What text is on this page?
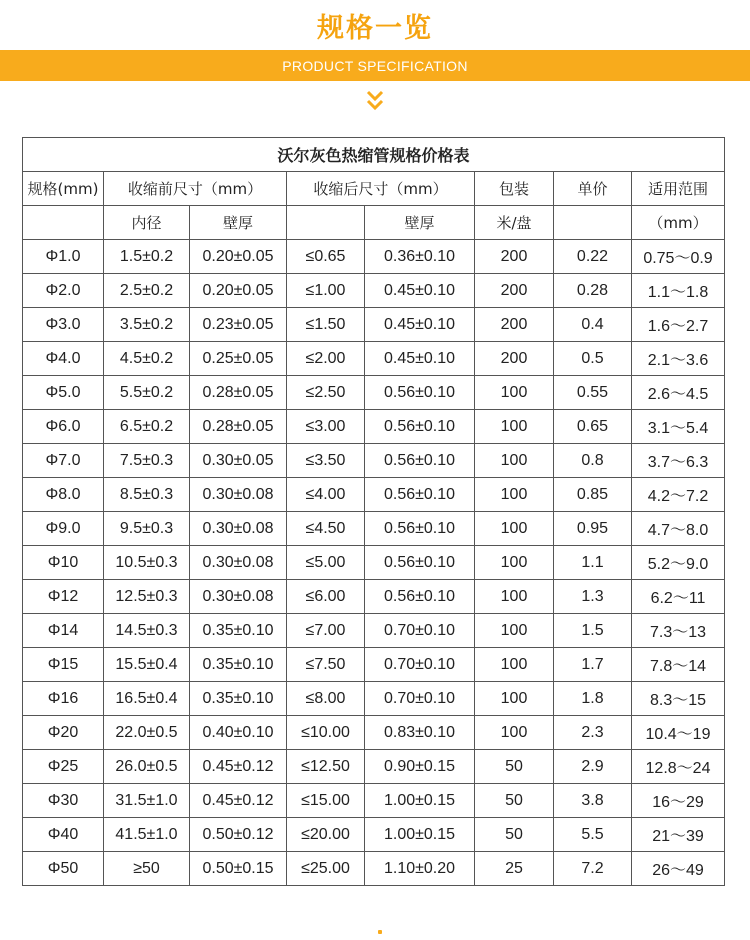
规格一览
PRODUCT SPECIFICATION
沃尔灰色热缩管规格价格表							
规格(mm)	收缩前尺寸（mm）		收缩后尺寸（mm）		包装	单价	适用范围
	内径	壁厚		壁厚	米/盘		（mm）
Φ1.0	1.5±0.2	0.20±0.05	≤0.65	0.36±0.10	200	0.22	0.75～0.9
Φ2.0	2.5±0.2	0.20±0.05	≤1.00	0.45±0.10	200	0.28	1.1～1.8
Φ3.0	3.5±0.2	0.23±0.05	≤1.50	0.45±0.10	200	0.4	1.6～2.7
Φ4.0	4.5±0.2	0.25±0.05	≤2.00	0.45±0.10	200	0.5	2.1～3.6
Φ5.0	5.5±0.2	0.28±0.05	≤2.50	0.56±0.10	100	0.55	2.6～4.5
Φ6.0	6.5±0.2	0.28±0.05	≤3.00	0.56±0.10	100	0.65	3.1～5.4
Φ7.0	7.5±0.3	0.30±0.05	≤3.50	0.56±0.10	100	0.8	3.7～6.3
Φ8.0	8.5±0.3	0.30±0.08	≤4.00	0.56±0.10	100	0.85	4.2～7.2
Φ9.0	9.5±0.3	0.30±0.08	≤4.50	0.56±0.10	100	0.95	4.7～8.0
Φ10	10.5±0.3	0.30±0.08	≤5.00	0.56±0.10	100	1.1	5.2～9.0
Φ12	12.5±0.3	0.30±0.08	≤6.00	0.56±0.10	100	1.3	6.2～11
Φ14	14.5±0.3	0.35±0.10	≤7.00	0.70±0.10	100	1.5	7.3～13
Φ15	15.5±0.4	0.35±0.10	≤7.50	0.70±0.10	100	1.7	7.8～14
Φ16	16.5±0.4	0.35±0.10	≤8.00	0.70±0.10	100	1.8	8.3～15
Φ20	22.0±0.5	0.40±0.10	≤10.00	0.83±0.10	100	2.3	10.4～19
Φ25	26.0±0.5	0.45±0.12	≤12.50	0.90±0.15	50	2.9	12.8～24
Φ30	31.5±1.0	0.45±0.12	≤15.00	1.00±0.15	50	3.8	16～29
Φ40	41.5±1.0	0.50±0.12	≤20.00	1.00±0.15	50	5.5	21～39
Φ50	≥50	0.50±0.15	≤25.00	1.10±0.20	25	7.2	26～49
